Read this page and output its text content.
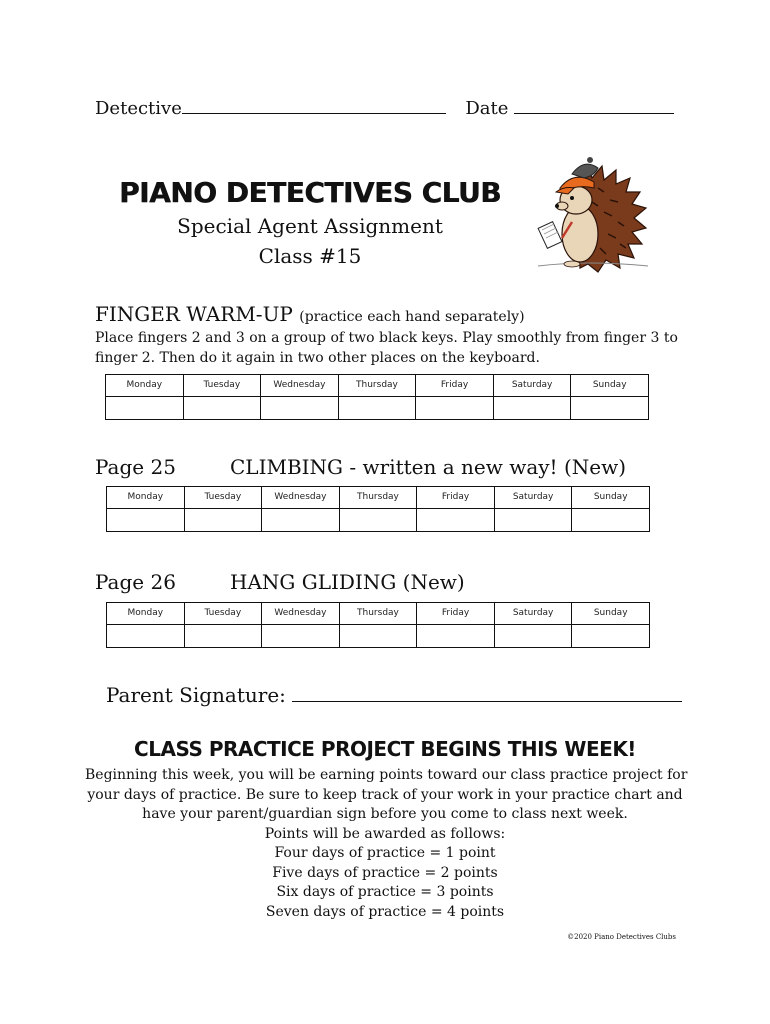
Detective	Date
PIANO DETECTIVES CLUB
Special Agent Assignment
Class #15
FINGER WARM-UP (practice each hand separately)
Place fingers 2 and 3 on a group of two black keys. Play smoothly from finger 3 to
finger 2. Then do it again in two other places on the keyboard.
Monday	Tuesday	Wednesday	Thursday	Friday	Saturday	Sunday

Page 25	CLIMBING - written a new way! (New)
Monday	Tuesday	Wednesday	Thursday	Friday	Saturday	Sunday

Page 26	HANG GLIDING (New)
Monday	Tuesday	Wednesday	Thursday	Friday	Saturday	Sunday

Parent Signature:
CLASS PRACTICE PROJECT BEGINS THIS WEEK!
Beginning this week, you will be earning points toward our class practice project for
your days of practice. Be sure to keep track of your work in your practice chart and
have your parent/guardian sign before you come to class next week.
Points will be awarded as follows:
Four days of practice = 1 point
Five days of practice = 2 points
Six days of practice = 3 points
Seven days of practice = 4 points
©2020 Piano Detectives Clubs
